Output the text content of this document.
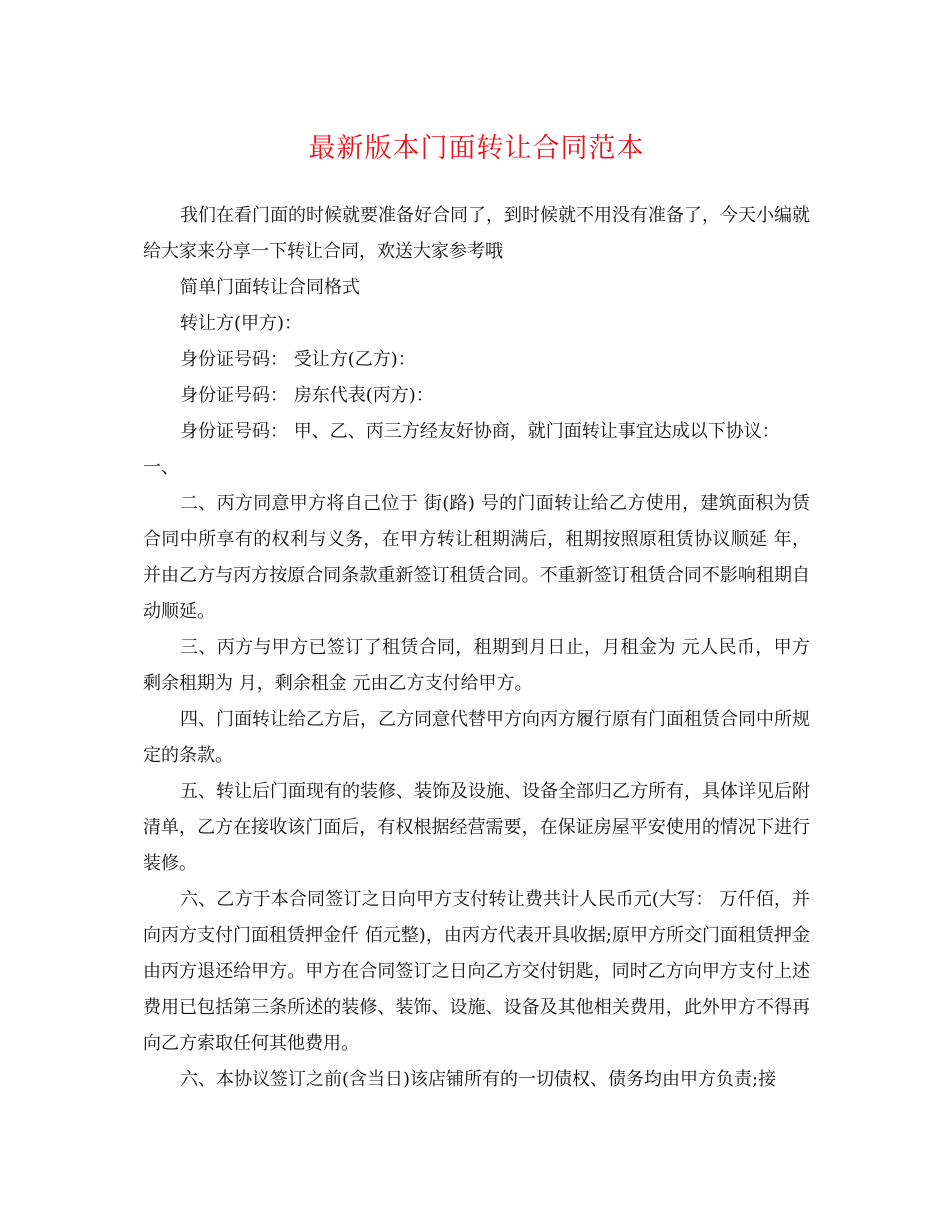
最新版本门面转让合同范本

我们在看门面的时候就要准备好合同了，到时候就不用没有准备了，今天小编就给大家来分享一下转让合同，欢送大家参考哦

简单门面转让合同格式

转让方(甲方)：

身份证号码： 受让方(乙方)：

身份证号码： 房东代表(丙方)：

身份证号码： 甲、乙、丙三方经友好协商，就门面转让事宜达成以下协议：

一、

二、丙方同意甲方将自己位于 街(路) 号的门面转让给乙方使用，建筑面积为赁合同中所享有的权利与义务，在甲方转让租期满后，租期按照原租赁协议顺延 年，并由乙方与丙方按原合同条款重新签订租赁合同。不重新签订租赁合同不影响租期自动顺延。

三、丙方与甲方已签订了租赁合同，租期到月日止，月租金为 元人民币，甲方剩余租期为 月，剩余租金 元由乙方支付给甲方。

四、门面转让给乙方后，乙方同意代替甲方向丙方履行原有门面租赁合同中所规定的条款。

五、转让后门面现有的装修、装饰及设施、设备全部归乙方所有，具体详见后附清单，乙方在接收该门面后，有权根据经营需要，在保证房屋平安使用的情况下进行装修。

六、乙方于本合同签订之日向甲方支付转让费共计人民币元(大写： 万仟佰，并向丙方支付门面租赁押金仟 佰元整)，由丙方代表开具收据;原甲方所交门面租赁押金由丙方退还给甲方。甲方在合同签订之日向乙方交付钥匙，同时乙方向甲方支付上述费用已包括第三条所述的装修、装饰、设施、设备及其他相关费用，此外甲方不得再向乙方索取任何其他费用。

六、本协议签订之前(含当日)该店铺所有的一切债权、债务均由甲方负责;接
